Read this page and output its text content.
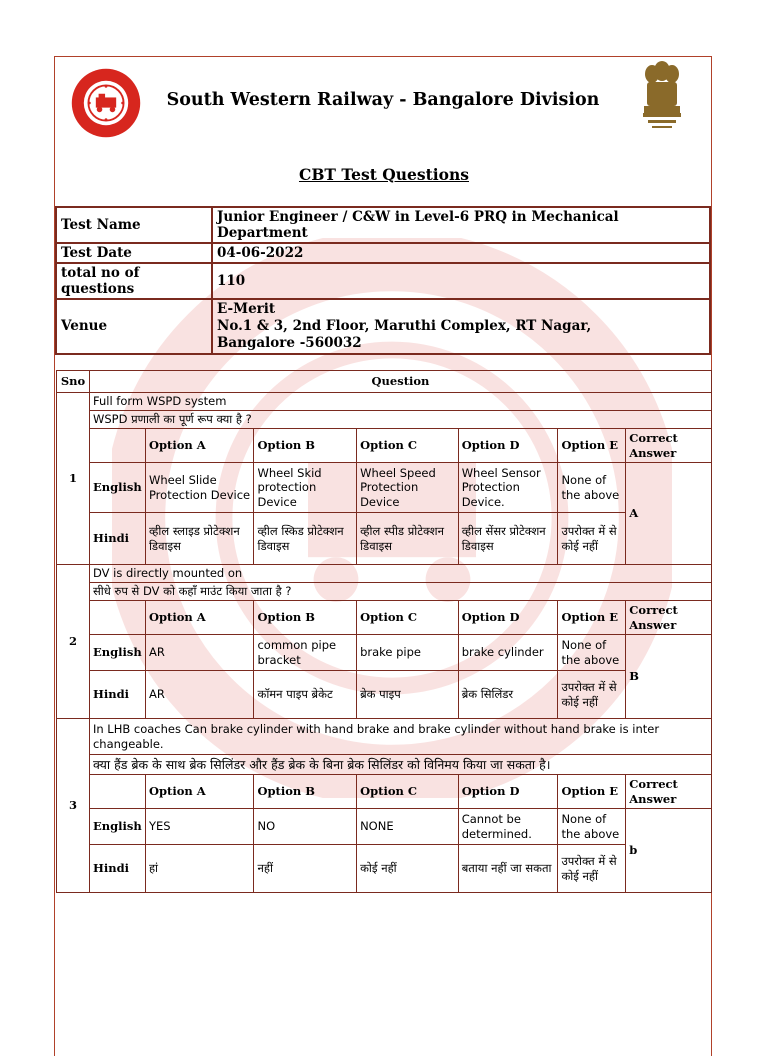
South Western Railway - Bangalore Division
CBT Test Questions
Test Name	Junior Engineer / C&W in Level-6 PRQ in Mechanical Department
Test Date	04-06-2022
total no of questions	110
Venue	E-Merit
No.1 & 3, 2nd Floor, Maruthi Complex, RT Nagar,
Bangalore -560032
Sno	Question						
1	Full form WSPD system						
	WSPD प्रणाली का पूर्ण रूप क्या है ?						
		Option A	Option B	Option C	Option D	Option E	Correct Answer
	English	Wheel Slide Protection Device	Wheel Skid protection Device	Wheel Speed Protection Device	Wheel Sensor Protection Device.	None of the above	A
	Hindi	व्हील स्लाइड प्रोटेक्शन डिवाइस	व्हील स्किड प्रोटेक्शन डिवाइस	व्हील स्पीड प्रोटेक्शन डिवाइस	व्हील सेंसर प्रोटेक्शन डिवाइस	उपरोक्त में से कोई नहीं	
2	DV is directly mounted on						
	सीधे रुप से DV को कहाँ माउंट किया जाता है ?						
		Option A	Option B	Option C	Option D	Option E	Correct Answer
	English	AR	common pipe bracket	brake pipe	brake cylinder	None of the above	B
	Hindi	AR	कॉमन पाइप ब्रेकेट	ब्रेक पाइप	ब्रेक सिलिंडर	उपरोक्त में से कोई नहीं	
3	In LHB coaches Can brake cylinder with hand brake and brake cylinder without hand brake is inter changeable.						
	क्या हैंड ब्रेक के साथ ब्रेक सिलिंडर और हैंड ब्रेक के बिना ब्रेक सिलिंडर को विनिमय किया जा सकता है।						
		Option A	Option B	Option C	Option D	Option E	Correct Answer
	English	YES	NO	NONE	Cannot be determined.	None of the above	b
	Hindi	हां	नहीं	कोई नहीं	बताया नहीं जा सकता	उपरोक्त में से कोई नहीं	
